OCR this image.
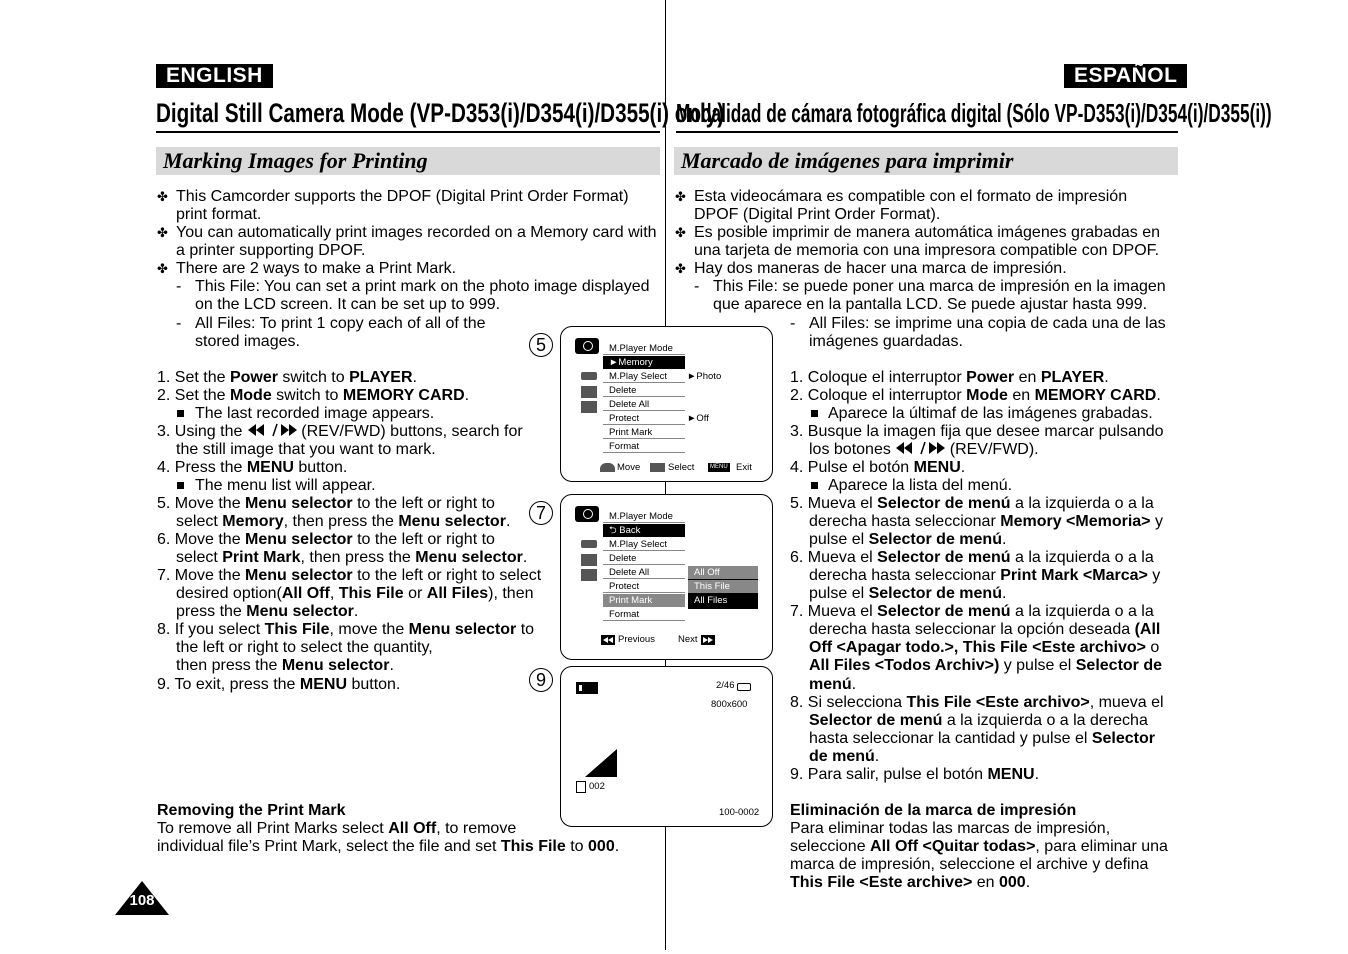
ENGLISH
Digital Still Camera Mode (VP-D353(i)/D354(i)/D355(i) only)
Marking Images for Printing
✤ This Camcorder supports the DPOF (Digital Print Order Format)
print format.
✤ You can automatically print images recorded on a Memory card with
a printer supporting DPOF.
✤ There are 2 ways to make a Print Mark.
- This File: You can set a print mark on the photo image displayed
on the LCD screen. It can be set up to 999.
- All Files: To print 1 copy each of all of the
stored images.
1. Set the Power switch to PLAYER.
2. Set the Mode switch to MEMORY CARD.
The last recorded image appears.
3. Using the	(REV/FWD) buttons, search for
the still image that you want to mark.
4. Press the MENU button.
The menu list will appear.
5. Move the Menu selector to the left or right to
select Memory, then press the Menu selector.
6. Move the Menu selector to the left or right to
select Print Mark, then press the Menu selector.
7. Move the Menu selector to the left or right to select
desired option(All Off, This File or All Files), then
press the Menu selector.
8. If you select This File, move the Menu selector to
the left or right to select the quantity,
then press the Menu selector.
9. To exit, press the MENU button.
Removing the Print Mark
To remove all Print Marks select All Off, to remove
individual file’s Print Mark, select the file and set This File to 000.
108
5	M.Player Mode
►Memory
M.Play Select
Delete
Delete All
Protect
Print Mark
Format
►Photo
►Off
Move	Select	MENU Exit
7	M.Player Mode
⮌ Back
M.Play Select
Delete
Delete All
Protect
Print Mark
Format
All Off
This File
All Files
Previous Next
9	2/46
800x600
002
100-0002
ESPAÑOL
Modalidad de cámara fotográfica digital (Sólo VP-D353(i)/D354(i)/D355(i))
Marcado de imágenes para imprimir
✤ Esta videocámara es compatible con el formato de impresión
DPOF (Digital Print Order Format).
✤ Es posible imprimir de manera automática imágenes grabadas en
una tarjeta de memoria con una impresora compatible con DPOF.
✤ Hay dos maneras de hacer una marca de impresión.
- This File: se puede poner una marca de impresión en la imagen
que aparece en la pantalla LCD. Se puede ajustar hasta 999.
- All Files: se imprime una copia de cada una de las
imágenes guardadas.
1. Coloque el interruptor Power en PLAYER.
2. Coloque el interruptor Mode en MEMORY CARD.
Aparece la últimaf de las imágenes grabadas.
3. Busque la imagen fija que desee marcar pulsando
los botones	(REV/FWD).
4. Pulse el botón MENU.
Aparece la lista del menú.
5. Mueva el Selector de menú a la izquierda o a la
derecha hasta seleccionar Memory <Memoria> y
pulse el Selector de menú.
6. Mueva el Selector de menú a la izquierda o a la
derecha hasta seleccionar Print Mark <Marca> y
pulse el Selector de menú.
7. Mueva el Selector de menú a la izquierda o a la
derecha hasta seleccionar la opción deseada (All
Off <Apagar todo.>, This File <Este archivo> o
All Files <Todos Archiv>) y pulse el Selector de
menú.
8. Si selecciona This File <Este archivo>, mueva el
Selector de menú a la izquierda o a la derecha
hasta seleccionar la cantidad y pulse el Selector
de menú.
9. Para salir, pulse el botón MENU.
Eliminación de la marca de impresión
Para eliminar todas las marcas de impresión,
seleccione All Off <Quitar todas>, para eliminar una
marca de impresión, seleccione el archive y defina
This File <Este archive> en 000.
